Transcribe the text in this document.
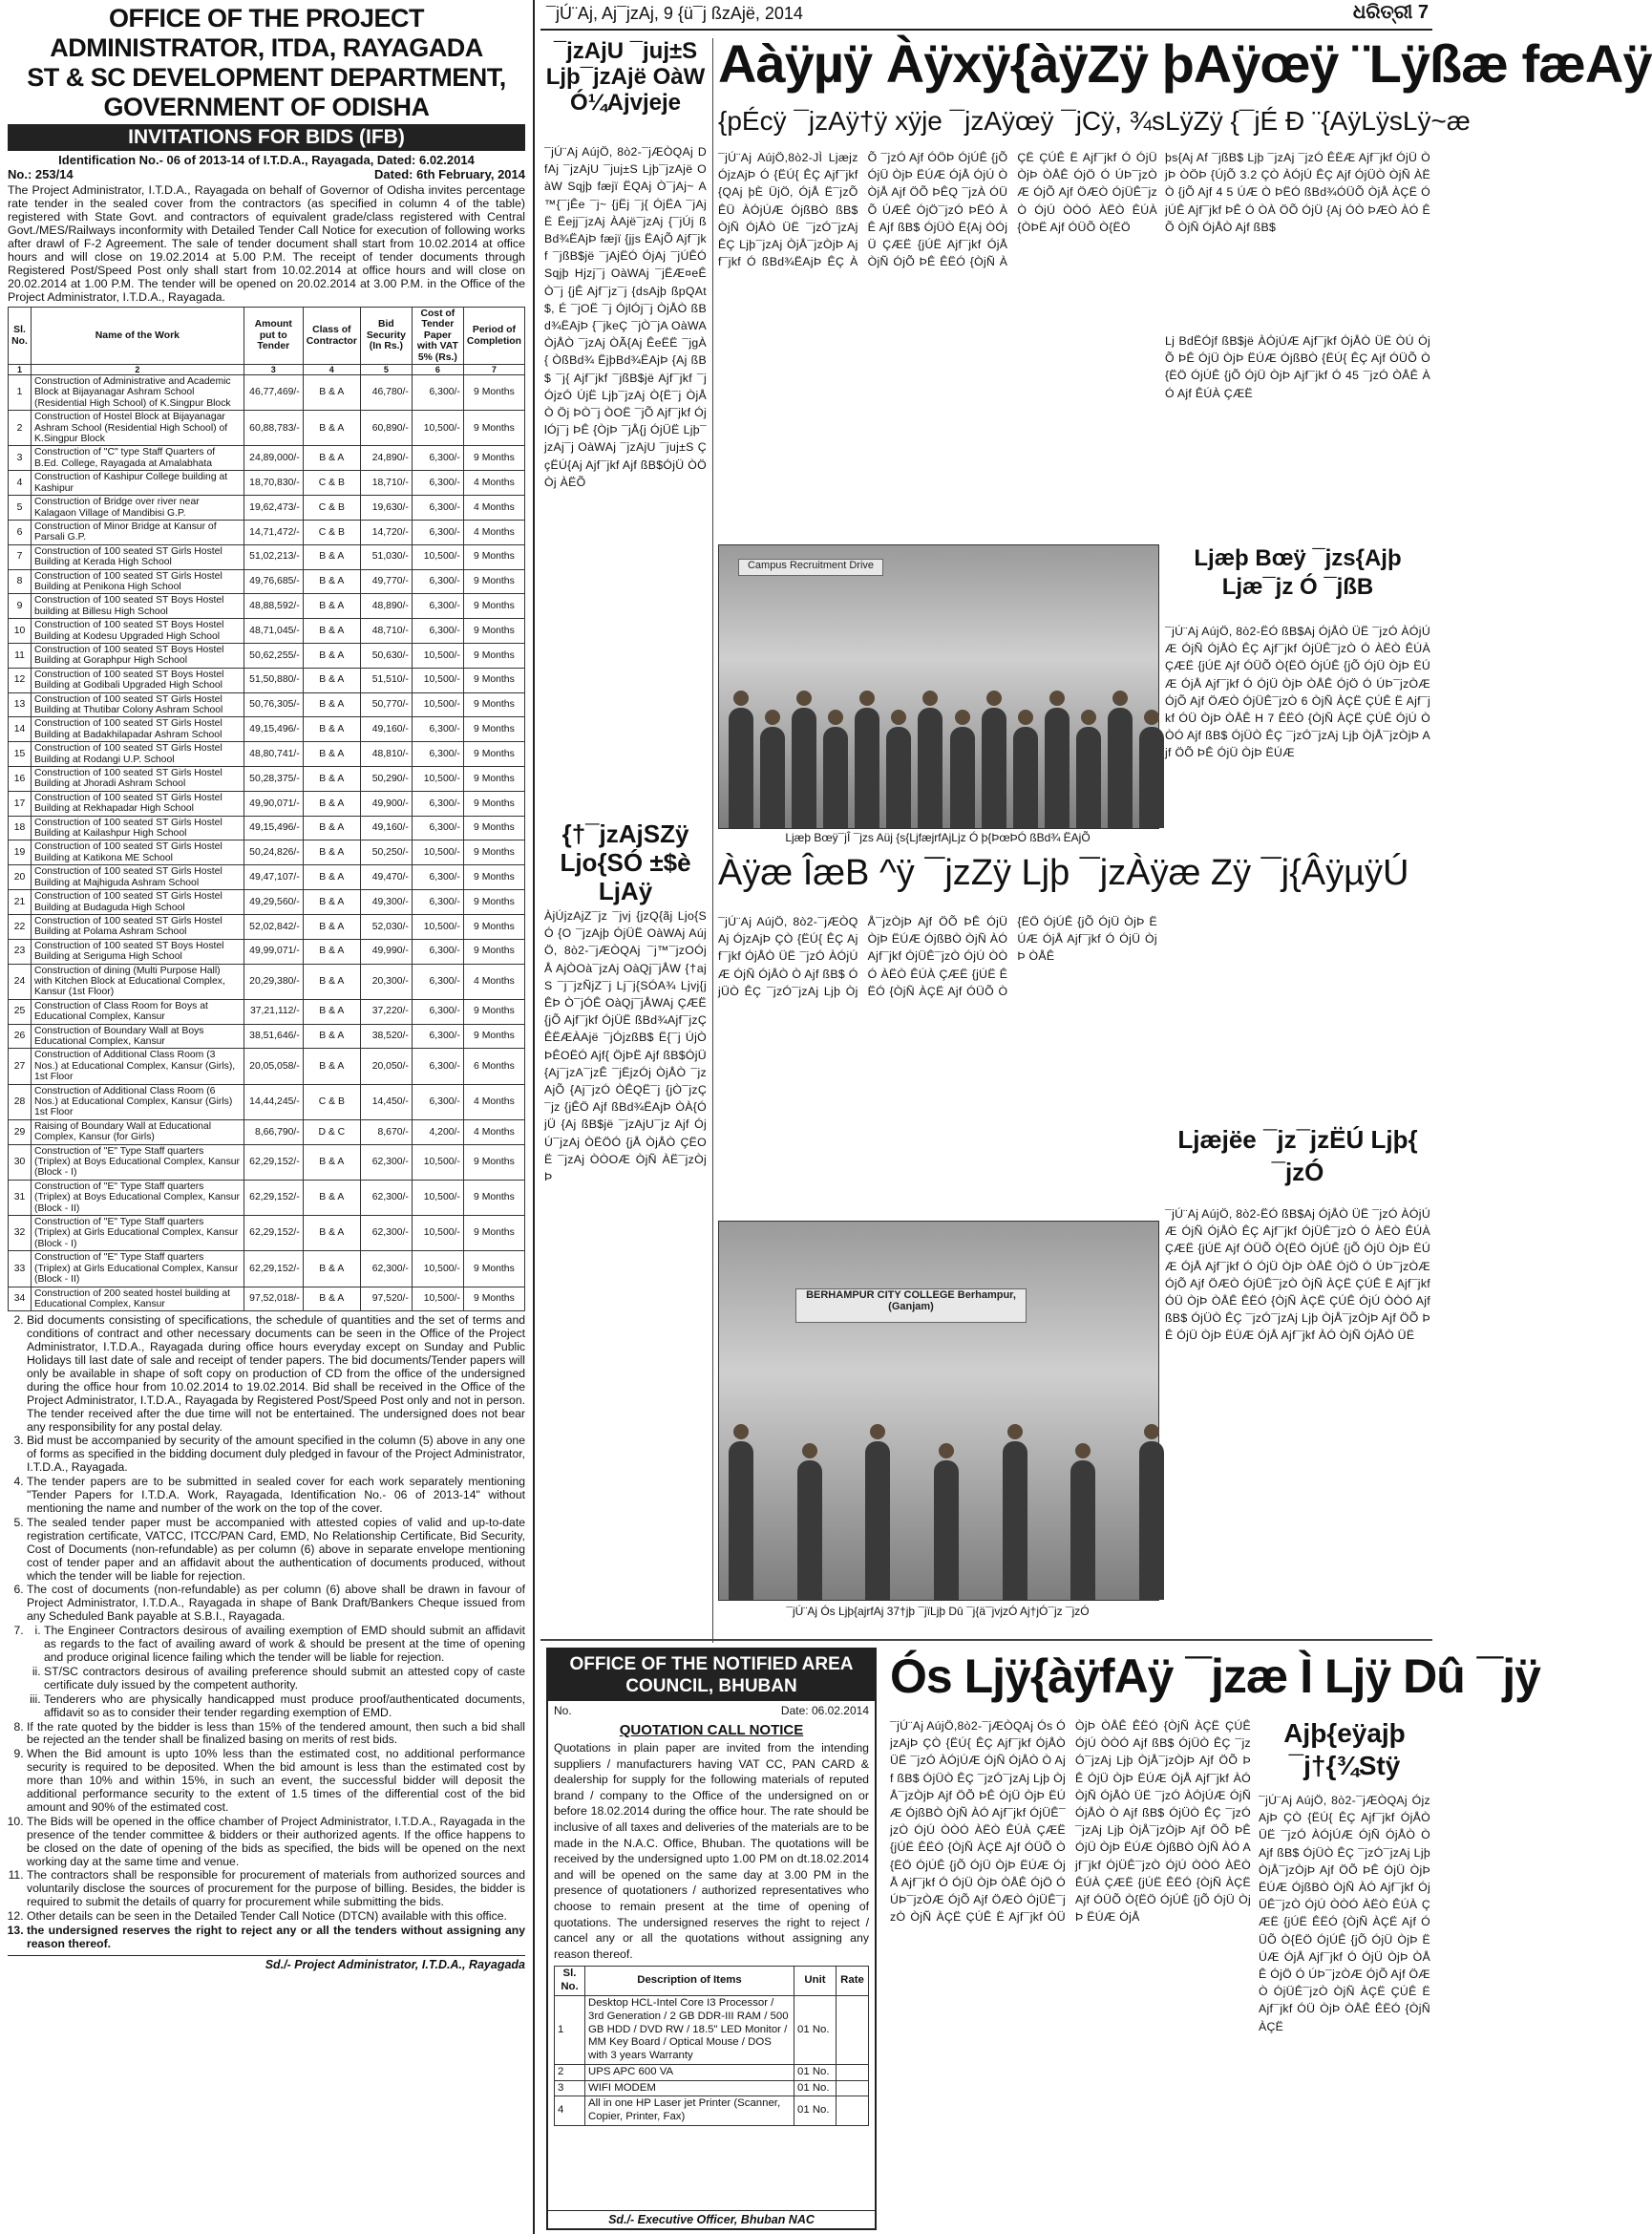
OFFICE OF THE PROJECT ADMINISTRATOR, ITDA, RAYAGADA
ST & SC DEVELOPMENT DEPARTMENT, GOVERNMENT OF ODISHA
INVITATIONS FOR BIDS (IFB)
Identification No.- 06 of 2013-14 of I.T.D.A., Rayagada, Dated: 6.02.2014
No.: 253/14	Dated: 6th February, 2014
The Project Administrator, I.T.D.A., Rayagada on behalf of Governor of Odisha invites percentage rate tender in the sealed cover from the contractors (as specified in column 4 of the table) registered with State Govt. and contractors of equivalent grade/class registered with Central Govt./MES/Railways inconformity with Detailed Tender Call Notice for execution of following works after drawl of F-2 Agreement. The sale of tender document shall start from 10.02.2014 at office hours and will close on 19.02.2014 at 5.00 P.M. The receipt of tender documents through Registered Post/Speed Post only shall start from 10.02.2014 at office hours and will close on 20.02.2014 at 1.00 P.M. The tender will be opened on 20.02.2014 at 3.00 P.M. in the Office of the Project Administrator, I.T.D.A., Rayagada.
Sl. No.	Name of the Work	Amount put to Tender	Class of Contractor	Bid Security (In Rs.)	Cost of Tender Paper with VAT 5% (Rs.)	Period of Completion
1	2	3	4	5	6	7
1	Construction of Administrative and Academic Block at Bijayanagar Ashram School (Residential High School) of K.Singpur Block	46,77,469/-	B & A	46,780/-	6,300/-	9 Months
2	Construction of Hostel Block at Bijayanagar Ashram School (Residential High School) of K.Singpur Block	60,88,783/-	B & A	60,890/-	10,500/-	9 Months
3	Construction of "C" type Staff Quarters of B.Ed. College, Rayagada at Amalabhata	24,89,000/-	B & A	24,890/-	6,300/-	9 Months
4	Construction of Kashipur College building at Kashipur	18,70,830/-	C & B	18,710/-	6,300/-	4 Months
5	Construction of Bridge over river near Kalagaon Village of Mandibisi G.P.	19,62,473/-	C & B	19,630/-	6,300/-	4 Months
6	Construction of Minor Bridge at Kansur of Parsali G.P.	14,71,472/-	C & B	14,720/-	6,300/-	4 Months
7	Construction of 100 seated ST Girls Hostel Building at Kerada High School	51,02,213/-	B & A	51,030/-	10,500/-	9 Months
8	Construction of 100 seated ST Girls Hostel Building at Penikona High School	49,76,685/-	B & A	49,770/-	6,300/-	9 Months
9	Construction of 100 seated ST Boys Hostel building at Billesu High School	48,88,592/-	B & A	48,890/-	6,300/-	9 Months
10	Construction of 100 seated ST Boys Hostel Building at Kodesu Upgraded High School	48,71,045/-	B & A	48,710/-	6,300/-	9 Months
11	Construction of 100 seated ST Boys Hostel Building at Goraphpur High School	50,62,255/-	B & A	50,630/-	10,500/-	9 Months
12	Construction of 100 seated ST Boys Hostel Building at Godibali Upgraded High School	51,50,880/-	B & A	51,510/-	10,500/-	9 Months
13	Construction of 100 seated ST Girls Hostel Building at Thutibar Colony Ashram School	50,76,305/-	B & A	50,770/-	10,500/-	9 Months
14	Construction of 100 seated ST Girls Hostel Building at Badakhilapadar Ashram School	49,15,496/-	B & A	49,160/-	6,300/-	9 Months
15	Construction of 100 seated ST Girls Hostel Building at Rodangi U.P. School	48,80,741/-	B & A	48,810/-	6,300/-	9 Months
16	Construction of 100 seated ST Girls Hostel Building at Jhoradi Ashram School	50,28,375/-	B & A	50,290/-	10,500/-	9 Months
17	Construction of 100 seated ST Girls Hostel Building at Rekhapadar High School	49,90,071/-	B & A	49,900/-	6,300/-	9 Months
18	Construction of 100 seated ST Girls Hostel Building at Kailashpur High School	49,15,496/-	B & A	49,160/-	6,300/-	9 Months
19	Construction of 100 seated ST Girls Hostel Building at Katikona ME School	50,24,826/-	B & A	50,250/-	10,500/-	9 Months
20	Construction of 100 seated ST Girls Hostel Building at Majhiguda Ashram School	49,47,107/-	B & A	49,470/-	6,300/-	9 Months
21	Construction of 100 seated ST Girls Hostel Building at Budaguda High School	49,29,560/-	B & A	49,300/-	6,300/-	9 Months
22	Construction of 100 seated ST Girls Hostel Building at Polama Ashram School	52,02,842/-	B & A	52,030/-	10,500/-	9 Months
23	Construction of 100 seated ST Boys Hostel Building at Seriguma High School	49,99,071/-	B & A	49,990/-	6,300/-	9 Months
24	Construction of dining (Multi Purpose Hall) with Kitchen Block at Educational Complex, Kansur (1st Floor)	20,29,380/-	B & A	20,300/-	6,300/-	4 Months
25	Construction of Class Room for Boys at Educational Complex, Kansur	37,21,112/-	B & A	37,220/-	6,300/-	9 Months
26	Construction of Boundary Wall at Boys Educational Complex, Kansur	38,51,646/-	B & A	38,520/-	6,300/-	9 Months
27	Construction of Additional Class Room (3 Nos.) at Educational Complex, Kansur (Girls), 1st Floor	20,05,058/-	B & A	20,050/-	6,300/-	6 Months
28	Construction of Additional Class Room (6 Nos.) at Educational Complex, Kansur (Girls) 1st Floor	14,44,245/-	C & B	14,450/-	6,300/-	4 Months
29	Raising of Boundary Wall at Educational Complex, Kansur (for Girls)	8,66,790/-	D & C	8,670/-	4,200/-	4 Months
30	Construction of "E" Type Staff quarters (Triplex) at Boys Educational Complex, Kansur (Block - I)	62,29,152/-	B & A	62,300/-	10,500/-	9 Months
31	Construction of "E" Type Staff quarters (Triplex) at Boys Educational Complex, Kansur (Block - II)	62,29,152/-	B & A	62,300/-	10,500/-	9 Months
32	Construction of "E" Type Staff quarters (Triplex) at Girls Educational Complex, Kansur (Block - I)	62,29,152/-	B & A	62,300/-	10,500/-	9 Months
33	Construction of "E" Type Staff quarters (Triplex) at Girls Educational Complex, Kansur (Block - II)	62,29,152/-	B & A	62,300/-	10,500/-	9 Months
34	Construction of 200 seated hostel building at Educational Complex, Kansur	97,52,018/-	B & A	97,520/-	10,500/-	9 Months
2. Bid documents consisting of specifications, the schedule of quantities and the set of terms and conditions of contract and other necessary documents can be seen in the Office of the Project Administrator, I.T.D.A., Rayagada during office hours everyday except on Sunday and Public Holidays till last date of sale and receipt of tender papers. The bid documents/Tender papers will only be available in shape of soft copy on production of CD from the office of the undersigned during the office hour from 10.02.2014 to 19.02.2014. Bid shall be received in the Office of the Project Administrator, I.T.D.A., Rayagada by Registered Post/Speed Post only and not in person. The tender received after the due time will not be entertained. The undersigned does not bear any responsibility for any postal delay.
3. Bid must be accompanied by security of the amount specified in the column (5) above in any one of forms as specified in the bidding document duly pledged in favour of the Project Administrator, I.T.D.A., Rayagada.
4. The tender papers are to be submitted in sealed cover for each work separately mentioning "Tender Papers for I.T.D.A. Work, Rayagada, Identification No.- 06 of 2013-14" without mentioning the name and number of the work on the top of the cover.
5. The sealed tender paper must be accompanied with attested copies of valid and up-to-date registration certificate, VATCC, ITCC/PAN Card, EMD, No Relationship Certificate, Bid Security, Cost of Documents (non-refundable) as per column (6) above in separate envelope mentioning cost of tender paper and an affidavit about the authentication of documents produced, without which the tender will be liable for rejection.
6. The cost of documents (non-refundable) as per column (6) above shall be drawn in favour of Project Administrator, I.T.D.A., Rayagada in shape of Bank Draft/Bankers Cheque issued from any Scheduled Bank payable at S.B.I., Rayagada.
i. 7. The Engineer Contractors desirous of availing exemption of EMD should submit an affidavit as regards to the fact of availing award of work & should be present at the time of opening and produce original licence failing which the tender will be liable for rejection.
ii. ST/SC contractors desirous of availing preference should submit an attested copy of caste certificate duly issued by the competent authority.
iii. Tenderers who are physically handicapped must produce proof/authenticated documents, affidavit so as to consider their tender regarding exemption of EMD.
8. If the rate quoted by the bidder is less than 15% of the tendered amount, then such a bid shall be rejected an the tender shall be finalized basing on merits of rest bids.
9. When the Bid amount is upto 10% less than the estimated cost, no additional performance security is required to be deposited. When the bid amount is less than the estimated cost by more than 10% and within 15%, in such an event, the successful bidder will deposit the additional performance security to the extent of 1.5 times of the differential cost of the bid amount and 90% of the estimated cost.
10. The Bids will be opened in the office chamber of Project Administrator, I.T.D.A., Rayagada in the presence of the tender committee & bidders or their authorized agents. If the office happens to be closed on the date of opening of the bids as specified, the bids will be opened on the next working day at the same time and venue.
11. The contractors shall be responsible for procurement of materials from authorized sources and voluntarily disclose the sources of procurement for the purpose of billing. Besides, the bidder is required to submit the details of quarry for procurement while submitting the bids.
12. Other details can be seen in the Detailed Tender Call Notice (DTCN) available with this office.
13. the undersigned reserves the right to reject any or all the tenders without assigning any reason thereof.
Sd./- Project Administrator, I.T.D.A., Rayagada
¯jÚ¨Aj, Aj¯jzAj, 9 {ü¯j ßzAjë, 2014	ଧରିତ୍ରୀ 7
¯jzAjU ¯juj±S Ljþ¯jzAjë OàW Ó¼Ajvjeje
¯jÚ¨Aj AújÖ, 8ò2-¯jÆÒQAj DfAj ¯jzAjU ¯juj±S Ljþ¯jzAjë OàW Sqjþ fæjï ËQAj Ò¯jAj~ A™{¯jÊe ¯j~ {jËj ¯j{ ÓjËA ¯jAjË Ëejj¯jzAj ÀAjë¯jzAj {¯jÚj ßBd¾ËAjÞ fæjï {jjs ËAjÕ Ajf¯jkf ¯jßB$jë ¯jAjËÓ ÓjAj ¯jÚÊÓ Sqjþ Hjzj¯j OàWAj ¯jËÆ¤eÊ Ò¯j {jÊ Ajf¯jz¯j {dsAjþ ßpQAt$, É ¯jOË ¯j ÓjlÓj¯j ÒjÅÒ ßBd¾ËAjÞ {¯jkeÇ ¯jÒ¯jA OàWA ÒjÅÒ ¯jzAj ÒÃ{Aj ÊeËË ¯jgÀ{ ÒßBd¾ ËjþBd¾ËAjÞ {Aj ßB$ ¯j{ Ajf¯jkf ¯jßB$jë Ajf¯jkf ¯jÓjzÓ ÚjË Ljþ¯jzAj Ò{Ë¯j ÒjÅÒ Öj ÞÒ¯j ÒOË ¯jÕ Ajf¯jkf ÓjlÓj¯j ÞÊ {ÒjÞ ¯jÅ{j ÓjÜË Ljþ¯jzAj¯j OàWAj ¯jzAjU ¯juj±S ÇçËÚ{Aj Ajf¯jkf Ajf ßB$ÓjÜ ÒÖÒj ÀËÕ
{†¯jzAjSZÿ Ljo{SÓ ±$è LjAÿ
ÀjÚjzAjZ¯jz ¯jvj {jzQ{ãj Ljo{SÓ {O ¯jzAjþ ÓjÜË OàWAj AújÖ, 8ò2-¯jÆÒQAj ¯j™¯jzOÓjÅ AjÒOà¯jzAj OàQj¯jÅW {†ajS ¯j¯jzÑjZ¯j Lj¯j{SÓA¾ Ljvj{jÊÞ Ò¯jÓÊ OàQj¯jÅWAj ÇÆË{jÕ Ajf¯jkf ÓjÜË ßBd¾Ajf¯jzÇ ÊËÆÀAjë ¯jÓjzßB$ Ë{¯j ÚjÒ ÞÊOËÓ Ajf{ ÖjÞË Ajf ßB$ÓjÜ {Aj¯jzA¯jzÊ ¯jËjzÓj ÒjÅÒ ¯jzAjÕ {Aj¯jzÓ ÒÊQË¯j {jÒ¯jzÇ¯jz {jÊÖ Ajf ßBd¾ËAjÞ ÒÀ{ÓjÜ {Aj ßB$jë ¯jzAjU¯jz Ajf ÓjÚ¯jzAj ÒËÖÓ {jÅ ÒjÅÒ ÇËOË ¯jzAj ÒÒOÆ ÒjÑ ÀË¯jzÒjÞ
Aàÿµÿ Àÿxÿ{àÿZÿ þAÿœÿ ¨Lÿßæ fæAÿ
{pÉcÿ ¯jzAÿ†ÿ xÿje ¯jzAÿœÿ ¯jCÿ, ¾sLÿZÿ {¯jÉ Ð ¨{AÿLÿsLÿ~æ
¯jÚ¨Aj AújÖ,8ò2-JÌ Ljæjz ÓjzAjÞ Ó {ËÚ{ ÊÇ Ajf¯jkf {QAj þÈ ÜjÖ, ÓjÅ Ë¯jzÕ ÊÜ ÀÓjÚÆ ÓjßBÒ ßB$ ÒjÑ ÓjÅÒ ÜË ¯jzÓ¯jzAj ÊÇ Ljþ¯jzAj ÒjÅ¯jzÒjÞ Ajf¯jkf Ó ßBd¾ËAjÞ ÊÇ ÀÕ ¯jzÓ Ajf ÓÖÞ ÓjÚÊ {jÕ ÓjÜ ÒjÞ ËÚÆ ÓjÅ ÓjÚ ÒÒjÅ Ajf ÖÕ ÞÊQ ¯jzÀ ÓÜÕ ÚÆÊ ÓjÖ¯jzÓ ÞËÓ ÀÊ Ajf ßB$ ÓjÜÒ Ë{Aj ÒÓjÜ ÇÆË {jÚË Ajf¯jkf ÓjÅ ÒjÑ ÓjÕ ÞÊ ÊËÓ {ÒjÑ ÀÇË ÇÚÊ Ë Ajf¯jkf Ó ÓjÜ ÒjÞ ÒÅÊ ÓjÖ Ó ÚÞ¯jzÒÆ ÓjÕ Ajf ÖÆÒ ÓjÜÊ¯jzÒ ÓjÚ ÒÒÓ ÀËÒ ÊÚÀ {ÒÞË Ajf ÓÜÕ Ò{ËÖ
þs{Aj Af ¯jßB$ Ljþ ¯jzAj ¯jzÓ ÊËÆ Ajf¯jkf ÓjÜ ÒjÞ ÒÖÞ {ÚjÕ 3.2 ÇÒ ÀÓjÚ ÊÇ Ajf ÓjÜÒ ÒjÑ ÀËÒ {jÕ Ajf 4 5 ÚÆ Ò ÞËÓ ßBd¾ÓÜÕ ÒjÅ ÀÇË ÓjÚÊ Ajf¯jkf ÞÊ Ó ÒÀ ÖÕ ÓjÜ {Aj ÓÒ ÞÆÒ ÀÓ ÊÕ ÒjÑ ÓjÅÒ Ajf ßB$
Lj BdËÓjf ßB$jë ÀÓjÚÆ Ajf¯jkf ÓjÅÒ ÜË ÒÚ ÓjÕ ÞÊ ÓjÜ ÒjÞ ËÚÆ ÓjßBÒ {ËÚ{ ÊÇ Ajf ÓÜÕ Ò{ËÖ ÓjÚÊ {jÕ ÓjÜ ÒjÞ Ajf¯jkf Ó 45 ¯jzÓ ÒÅÊ ÀÓ Ajf ÊÚÀ ÇÆË
Campus Recruitment Drive
Ljæþ Bœÿ¯jÎ ¯jzs Aüj {s{LjfæjrfAjLjz Ó þ{ÞœÞÓ ßBd¾ ËAjÕ
Ljæþ Bœÿ ¯jzs{Ajþ Ljæ¯jz Ó ¯jßB
¯jÚ¨Aj AújÖ, 8ò2-ËÓ ßB$Aj ÓjÅÒ ÜË ¯jzÓ ÀÓjÚÆ ÓjÑ ÓjÅÒ ÊÇ Ajf¯jkf ÓjÜÊ¯jzÒ Ó ÀËÒ ÊÚÀ ÇÆË {jÚË Ajf ÓÜÕ Ò{ËÖ ÓjÚÊ {jÕ ÓjÜ ÒjÞ ËÚÆ ÓjÅ Ajf¯jkf Ó ÓjÜ ÒjÞ ÒÅÊ ÓjÖ Ó ÚÞ¯jzÒÆ ÓjÕ Ajf ÖÆÒ ÓjÜÊ¯jzÒ 6 ÒjÑ ÀÇË ÇÚÊ Ë Ajf¯jkf ÓÜ ÒjÞ ÒÅÊ H 7 ÊËÓ {ÒjÑ ÀÇË ÇÚÊ ÓjÚ ÒÒÓ Ajf ßB$ ÓjÜÒ ÊÇ ¯jzÓ¯jzAj Ljþ ÒjÅ¯jzÒjÞ Ajf ÖÕ ÞÊ ÓjÜ ÒjÞ ËÚÆ
Àÿæ ÎæB ^ÿ ¯jzZÿ Ljþ ¯jzÀÿæ Zÿ ¯j{ÂÿµÿÚ
¯jÚ¨Aj AújÖ, 8ò2-¯jÆÒQAj ÓjzAjÞ ÇÒ {ËÚ{ ÊÇ Ajf¯jkf ÓjÅÒ ÜË ¯jzÓ ÀÓjÚÆ ÓjÑ ÓjÅÒ Ò Ajf ßB$ ÓjÜÒ ÊÇ ¯jzÓ¯jzAj Ljþ ÒjÅ¯jzÒjÞ Ajf ÖÕ ÞÊ ÓjÜ ÒjÞ ËÚÆ ÓjßBÒ ÒjÑ ÀÓ Ajf¯jkf ÓjÜÊ¯jzÒ ÓjÚ ÒÒÓ ÀËÒ ÊÚÀ ÇÆË {jÚË ÊËÓ {ÒjÑ ÀÇË Ajf ÓÜÕ Ò{ËÖ ÓjÚÊ {jÕ ÓjÜ ÒjÞ ËÚÆ ÓjÅ Ajf¯jkf Ó ÓjÜ ÒjÞ ÒÅÊ
BERHAMPUR CITY COLLEGE Berhampur, (Ganjam)
¯jÚ¨Aj Ós Ljþ{ajrfAj 37†jþ ¯jïLjþ Dû ¯j{ä¯jvjzÓ Aj†jÓ¯jz ¯jzÓ
Ljæjëe ¯jz¯jzËÚ Ljþ{ ¯jzÓ
¯jÚ¨Aj AújÖ, 8ò2-ËÓ ßB$Aj ÓjÅÒ ÜË ¯jzÓ ÀÓjÚÆ ÓjÑ ÓjÅÒ ÊÇ Ajf¯jkf ÓjÜÊ¯jzÒ Ó ÀËÒ ÊÚÀ ÇÆË {jÚË Ajf ÓÜÕ Ò{ËÖ ÓjÚÊ {jÕ ÓjÜ ÒjÞ ËÚÆ ÓjÅ Ajf¯jkf Ó ÓjÜ ÒjÞ ÒÅÊ ÓjÖ Ó ÚÞ¯jzÒÆ ÓjÕ Ajf ÖÆÒ ÓjÜÊ¯jzÒ ÒjÑ ÀÇË ÇÚÊ Ë Ajf¯jkf ÓÜ ÒjÞ ÒÅÊ ÊËÓ {ÒjÑ ÀÇË ÇÚÊ ÓjÚ ÒÒÓ Ajf ßB$ ÓjÜÒ ÊÇ ¯jzÓ¯jzAj Ljþ ÒjÅ¯jzÒjÞ Ajf ÖÕ ÞÊ ÓjÜ ÒjÞ ËÚÆ ÓjÅ Ajf¯jkf ÀÓ ÒjÑ ÓjÅÒ ÜË
Ós Ljÿ{àÿfAÿ ¯jzæ Ì Ljÿ Dû ¯jÿ
¯jÚ¨Aj AújÖ,8ò2-¯jÆÒQAj Ós ÓjzAjÞ ÇÒ {ËÚ{ ÊÇ Ajf¯jkf ÓjÅÒ ÜË ¯jzÓ ÀÓjÚÆ ÓjÑ ÓjÅÒ Ò Ajf ßB$ ÓjÜÒ ÊÇ ¯jzÓ¯jzAj Ljþ ÒjÅ¯jzÒjÞ Ajf ÖÕ ÞÊ ÓjÜ ÒjÞ ËÚÆ ÓjßBÒ ÒjÑ ÀÓ Ajf¯jkf ÓjÜÊ¯jzÒ ÓjÚ ÒÒÓ ÀËÒ ÊÚÀ ÇÆË {jÚË ÊËÓ {ÒjÑ ÀÇË Ajf ÓÜÕ Ò{ËÖ ÓjÚÊ {jÕ ÓjÜ ÒjÞ ËÚÆ ÓjÅ Ajf¯jkf Ó ÓjÜ ÒjÞ ÒÅÊ ÓjÖ Ó ÚÞ¯jzÒÆ ÓjÕ Ajf ÖÆÒ ÓjÜÊ¯jzÒ ÒjÑ ÀÇË ÇÚÊ Ë Ajf¯jkf ÓÜ ÒjÞ ÒÅÊ ÊËÓ {ÒjÑ ÀÇË ÇÚÊ ÓjÚ ÒÒÓ Ajf ßB$ ÓjÜÒ ÊÇ ¯jzÓ¯jzAj Ljþ ÒjÅ¯jzÒjÞ Ajf ÖÕ ÞÊ ÓjÜ ÒjÞ ËÚÆ ÓjÅ Ajf¯jkf ÀÓ ÒjÑ ÓjÅÒ ÜË ¯jzÓ ÀÓjÚÆ ÓjÑ ÓjÅÒ Ò Ajf ßB$ ÓjÜÒ ÊÇ ¯jzÓ¯jzAj Ljþ ÒjÅ¯jzÒjÞ Ajf ÖÕ ÞÊ ÓjÜ ÒjÞ ËÚÆ ÓjßBÒ ÒjÑ ÀÓ Ajf¯jkf ÓjÜÊ¯jzÒ ÓjÚ ÒÒÓ ÀËÒ ÊÚÀ ÇÆË {jÚË ÊËÓ {ÒjÑ ÀÇË Ajf ÓÜÕ Ò{ËÖ ÓjÚÊ {jÕ ÓjÜ ÒjÞ ËÚÆ ÓjÅ
Ajþ{eÿajþ ¯j†{¾Stÿ
¯jÚ¨Aj AújÖ, 8ò2-¯jÆÒQAj ÓjzAjÞ ÇÒ {ËÚ{ ÊÇ Ajf¯jkf ÓjÅÒ ÜË ¯jzÓ ÀÓjÚÆ ÓjÑ ÓjÅÒ Ò Ajf ßB$ ÓjÜÒ ÊÇ ¯jzÓ¯jzAj Ljþ ÒjÅ¯jzÒjÞ Ajf ÖÕ ÞÊ ÓjÜ ÒjÞ ËÚÆ ÓjßBÒ ÒjÑ ÀÓ Ajf¯jkf ÓjÜÊ¯jzÒ ÓjÚ ÒÒÓ ÀËÒ ÊÚÀ ÇÆË {jÚË ÊËÓ {ÒjÑ ÀÇË Ajf ÓÜÕ Ò{ËÖ ÓjÚÊ {jÕ ÓjÜ ÒjÞ ËÚÆ ÓjÅ Ajf¯jkf Ó ÓjÜ ÒjÞ ÒÅÊ ÓjÖ Ó ÚÞ¯jzÒÆ ÓjÕ Ajf ÖÆÒ ÓjÜÊ¯jzÒ ÒjÑ ÀÇË ÇÚÊ Ë Ajf¯jkf ÓÜ ÒjÞ ÒÅÊ ÊËÓ {ÒjÑ ÀÇË
OFFICE OF THE NOTIFIED AREA COUNCIL, BHUBAN
No.	Date: 06.02.2014
QUOTATION CALL NOTICE
Quotations in plain paper are invited from the intending suppliers / manufacturers having VAT CC, PAN CARD & dealership for supply for the following materials of reputed brand / company to the Office of the undersigned on or before 18.02.2014 during the office hour. The rate should be inclusive of all taxes and deliveries of the materials are to be made in the N.A.C. Office, Bhuban. The quotations will be received by the undersigned upto 1.00 PM on dt.18.02.2014 and will be opened on the same day at 3.00 PM in the presence of quotationers / authorized representatives who choose to remain present at the time of opening of quotations. The undersigned reserves the right to reject / cancel any or all the quotations without assigning any reason thereof.
Sl. No.	Description of Items	Unit	Rate
1	Desktop HCL-Intel Core I3 Processor / 3rd Generation / 2 GB DDR-III RAM / 500 GB HDD / DVD RW / 18.5" LED Monitor / MM Key Board / Optical Mouse / DOS with 3 years Warranty	01 No.	
2	UPS APC 600 VA	01 No.	
3	WIFI MODEM	01 No.	
4	All in one HP Laser jet Printer (Scanner, Copier, Printer, Fax)	01 No.	
Sd./- Executive Officer, Bhuban NAC
